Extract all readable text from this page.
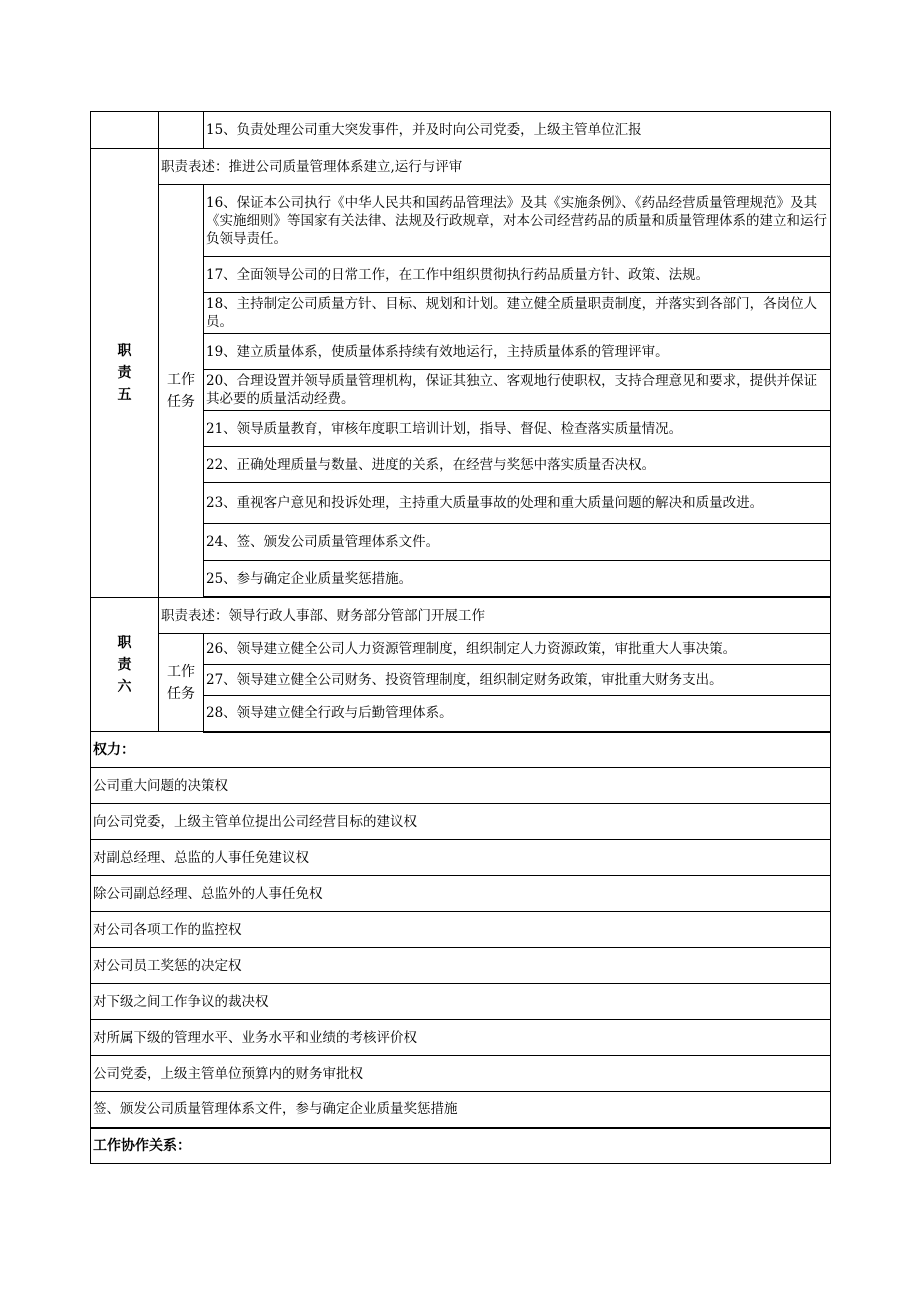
		15、负责处理公司重大突发事件，并及时向公司党委，上级主管单位汇报
职责五	职责表述：推进公司质量管理体系建立,运行与评审	
	工作任务	16、保证本公司执行《中华人民共和国药品管理法》及其《实施条例》、《药品经营质量管理规范》及其《实施细则》等国家有关法律、法规及行政规章，对本公司经营药品的质量和质量管理体系的建立和运行负领导责任。
		17、全面领导公司的日常工作，在工作中组织贯彻执行药品质量方针、政策、法规。
		18、主持制定公司质量方针、目标、规划和计划。建立健全质量职责制度，并落实到各部门，各岗位人员。
		19、建立质量体系，使质量体系持续有效地运行，主持质量体系的管理评审。
		20、合理设置并领导质量管理机构，保证其独立、客观地行使职权，支持合理意见和要求，提供并保证其必要的质量活动经费。
		21、领导质量教育，审核年度职工培训计划，指导、督促、检查落实质量情况。
		22、正确处理质量与数量、进度的关系，在经营与奖惩中落实质量否决权。
		23、重视客户意见和投诉处理，主持重大质量事故的处理和重大质量问题的解决和质量改进。
		24、签、颁发公司质量管理体系文件。
		25、参与确定企业质量奖惩措施。

职责六	职责表述：领导行政人事部、财务部分管部门开展工作	
	工作任务	26、领导建立健全公司人力资源管理制度，组织制定人力资源政策，审批重大人事决策。
		27、领导建立健全公司财务、投资管理制度，组织制定财务政策，审批重大财务支出。
		28、领导建立健全行政与后勤管理体系。
权力：		
公司重大问题的决策权		
向公司党委，上级主管单位提出公司经营目标的建议权		
对副总经理、总监的人事任免建议权		
除公司副总经理、总监外的人事任免权		
对公司各项工作的监控权		
对公司员工奖惩的决定权		
对下级之间工作争议的裁决权		
对所属下级的管理水平、业务水平和业绩的考核评价权		
公司党委，上级主管单位预算内的财务审批权		
签、颁发公司质量管理体系文件，参与确定企业质量奖惩措施		
工作协作关系：		
